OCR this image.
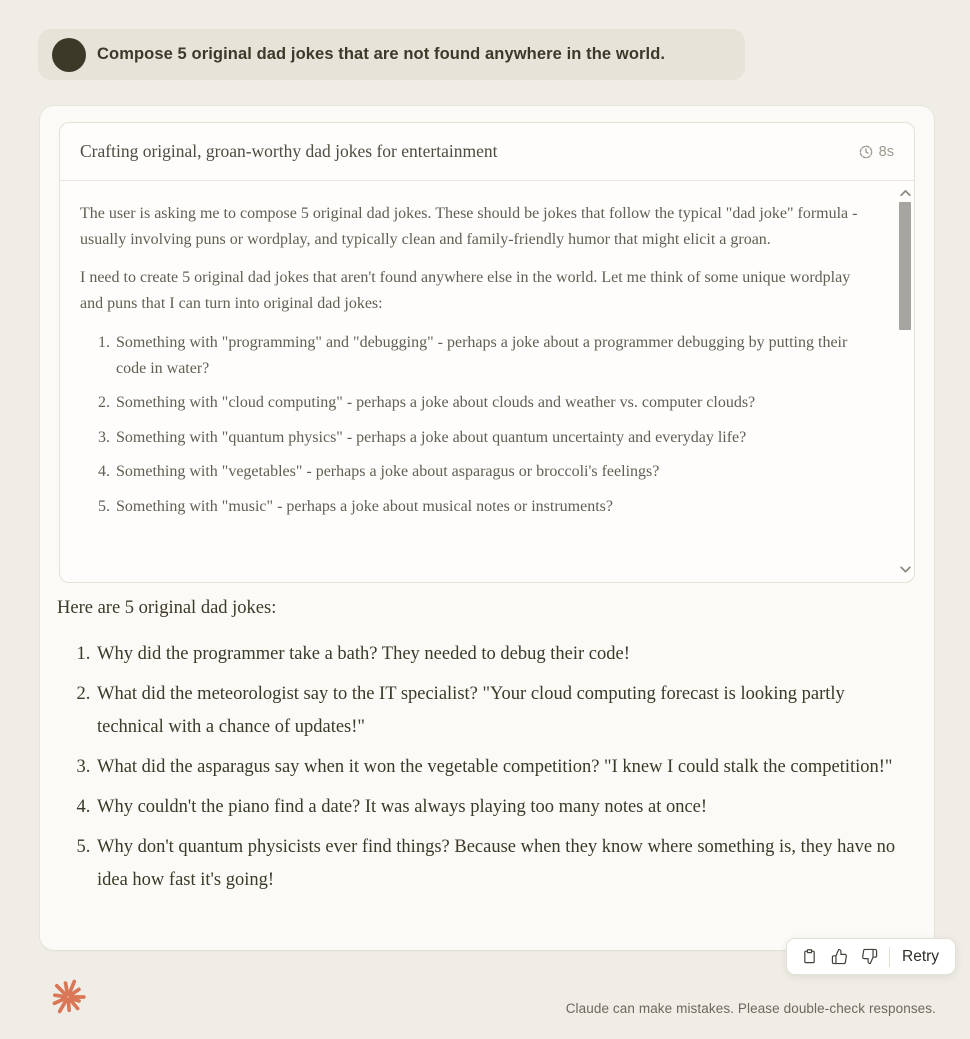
Compose 5 original dad jokes that are not found anywhere in the world.
Crafting original, groan-worthy dad jokes for entertainment	8s

The user is asking me to compose 5 original dad jokes. These should be jokes that follow the typical "dad joke" formula - usually involving puns or wordplay, and typically clean and family-friendly humor that might elicit a groan.

I need to create 5 original dad jokes that aren't found anywhere else in the world. Let me think of some unique wordplay and puns that I can turn into original dad jokes:

1. Something with "programming" and "debugging" - perhaps a joke about a programmer debugging by putting their code in water?
2. Something with "cloud computing" - perhaps a joke about clouds and weather vs. computer clouds?
3. Something with "quantum physics" - perhaps a joke about quantum uncertainty and everyday life?
4. Something with "vegetables" - perhaps a joke about asparagus or broccoli's feelings?
5. Something with "music" - perhaps a joke about musical notes or instruments?

Here are 5 original dad jokes:

1. Why did the programmer take a bath? They needed to debug their code!
2. What did the meteorologist say to the IT specialist? "Your cloud computing forecast is looking partly technical with a chance of updates!"
3. What did the asparagus say when it won the vegetable competition? "I knew I could stalk the competition!"
4. Why couldn't the piano find a date? It was always playing too many notes at once!
5. Why don't quantum physicists ever find things? Because when they know where something is, they have no idea how fast it's going!
Retry
Claude can make mistakes. Please double-check responses.
